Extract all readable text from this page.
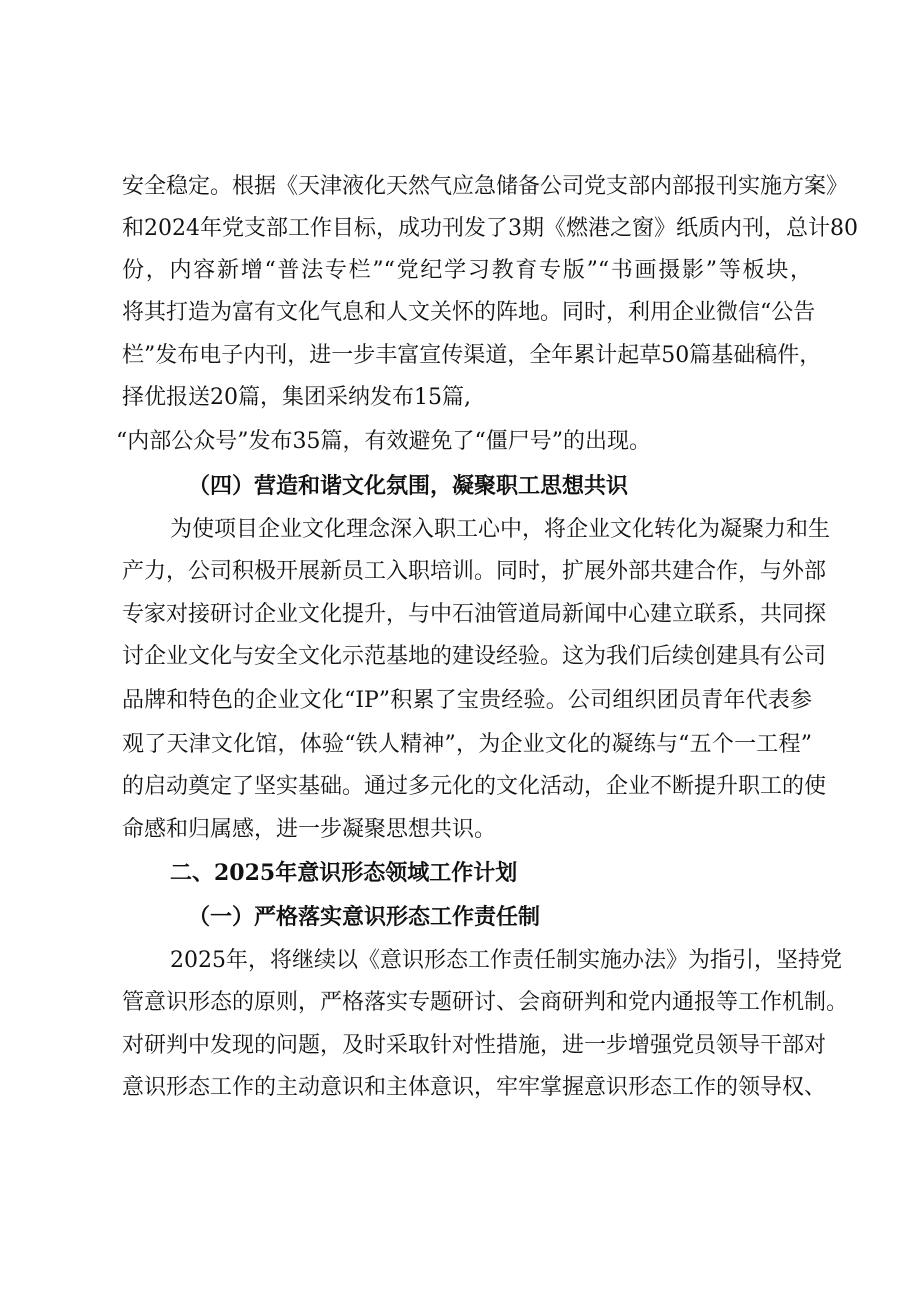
安全稳定。根据《天津液化天然气应急储备公司党支部内部报刊实施方案》
和2024年党支部工作目标，成功刊发了3期《燃港之窗》纸质内刊，总计80
份，内容新增“普法专栏”“党纪学习教育专版”“书画摄影”等板块，
将其打造为富有文化气息和人文关怀的阵地。同时，利用企业微信“公告
栏”发布电子内刊，进一步丰富宣传渠道，全年累计起草50篇基础稿件，
择优报送20篇，集团采纳发布15篇,
“内部公众号”发布35篇，有效避免了“僵尸号”的出现。
（四）营造和谐文化氛围，凝聚职工思想共识
为使项目企业文化理念深入职工心中，将企业文化转化为凝聚力和生
产力，公司积极开展新员工入职培训。同时，扩展外部共建合作，与外部
专家对接研讨企业文化提升，与中石油管道局新闻中心建立联系，共同探
讨企业文化与安全文化示范基地的建设经验。这为我们后续创建具有公司
品牌和特色的企业文化“IP”积累了宝贵经验。公司组织团员青年代表参
观了天津文化馆，体验“铁人精神”，为企业文化的凝练与“五个一工程”
的启动奠定了坚实基础。通过多元化的文化活动，企业不断提升职工的使
命感和归属感，进一步凝聚思想共识。
二、2025年意识形态领域工作计划
（一）严格落实意识形态工作责任制
2025年，将继续以《意识形态工作责任制实施办法》为指引，坚持党
管意识形态的原则，严格落实专题研讨、会商研判和党内通报等工作机制。
对研判中发现的问题，及时采取针对性措施，进一步增强党员领导干部对
意识形态工作的主动意识和主体意识，牢牢掌握意识形态工作的领导权、
